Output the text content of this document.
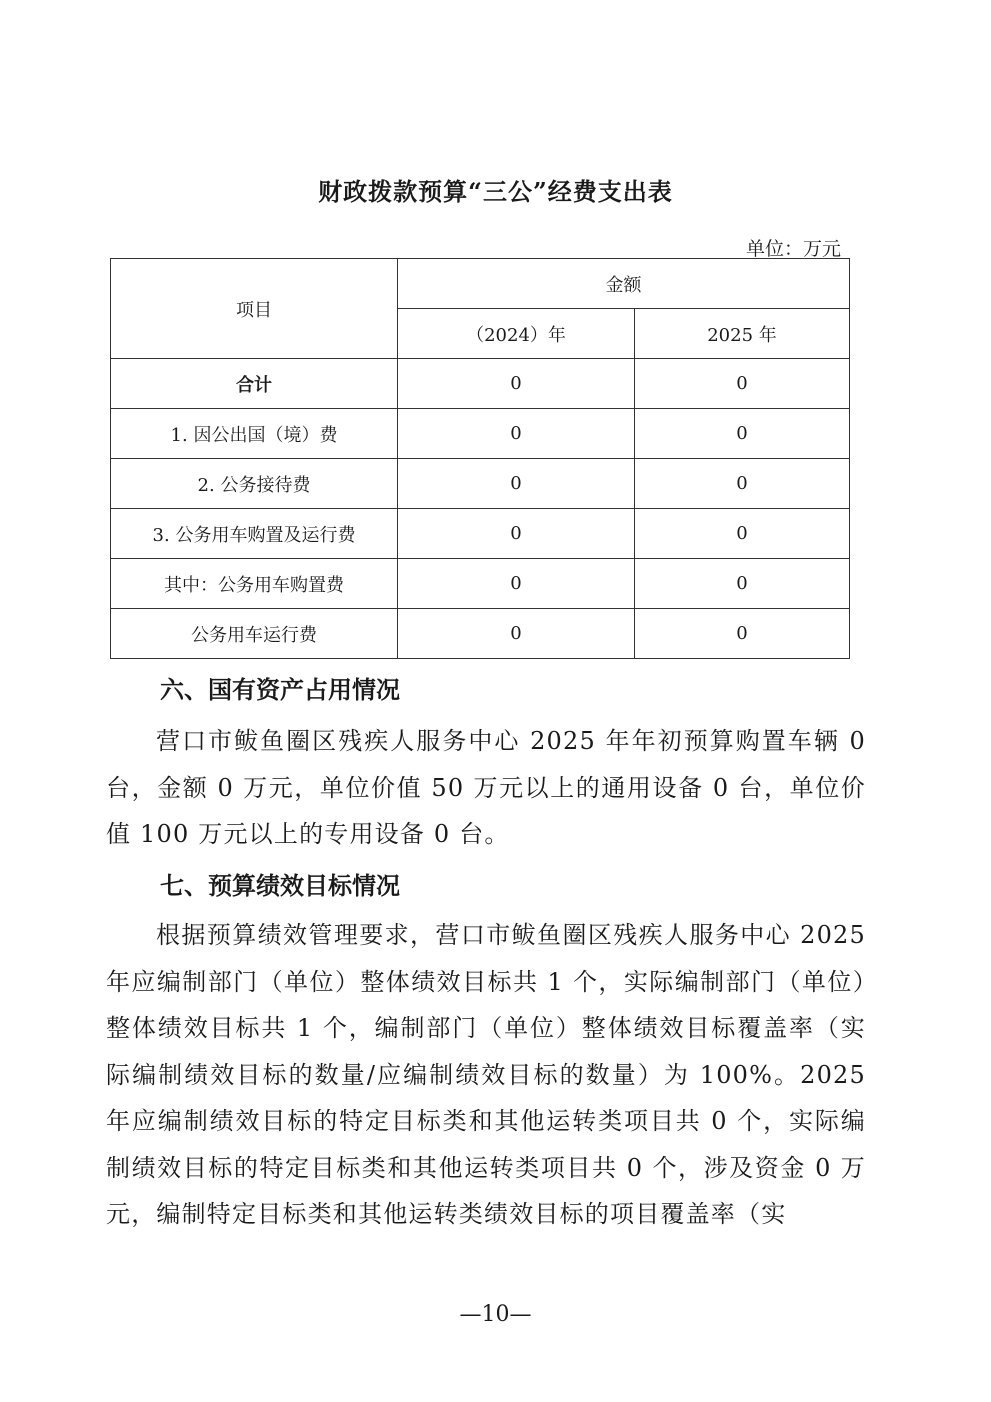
财政拨款预算“三公”经费支出表
单位：万元
项目	金额	
	（2024）年	2025 年
合计	0	0
1. 因公出国（境）费	0	0
2. 公务接待费	0	0
3. 公务用车购置及运行费	0	0
其中：公务用车购置费	0	0
公务用车运行费	0	0
六、国有资产占用情况
营口市鲅鱼圈区残疾人服务中心 2025 年年初预算购置车辆 0 台，金额 0 万元，单位价值 50 万元以上的通用设备 0 台，单位价值 100 万元以上的专用设备 0 台。
七、预算绩效目标情况
根据预算绩效管理要求，营口市鲅鱼圈区残疾人服务中心 2025 年应编制部门（单位）整体绩效目标共 1 个，实际编制部门（单位）整体绩效目标共 1 个，编制部门（单位）整体绩效目标覆盖率（实际编制绩效目标的数量/应编制绩效目标的数量）为 100%。2025 年应编制绩效目标的特定目标类和其他运转类项目共 0 个，实际编制绩效目标的特定目标类和其他运转类项目共 0 个，涉及资金 0 万元，编制特定目标类和其他运转类绩效目标的项目覆盖率（实
—10—
